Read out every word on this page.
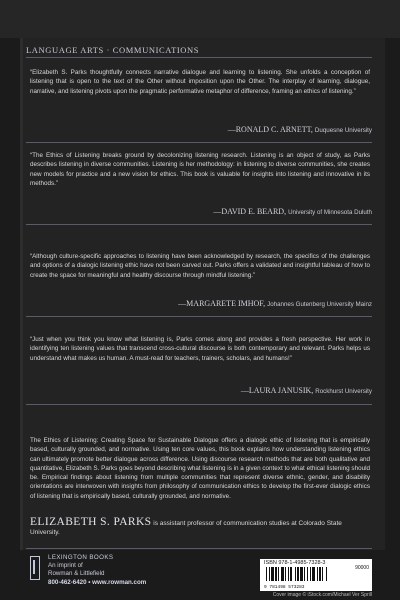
LANGUAGE ARTS · COMMUNICATIONS
“Elizabeth S. Parks thoughtfully connects narrative dialogue and learning to listening. She unfolds a conception of listening that is open to the text of the Other without imposition upon the Other. The interplay of learning, dialogue, narrative, and listening pivots upon the pragmatic performative metaphor of difference, framing an ethics of listening.”
—RONALD C. ARNETT, Duquesne University
“The Ethics of Listening breaks ground by decolonizing listening research. Listening is an object of study, as Parks describes listening in diverse communities. Listening is her methodology: in listening to diverse communities, she creates new models for practice and a new vision for ethics. This book is valuable for insights into listening and innovative in its methods.”
—DAVID E. BEARD, University of Minnesota Duluth
“Although culture-specific approaches to listening have been acknowledged by research, the specifics of the challenges and options of a dialogic listening ethic have not been carved out. Parks offers a validated and insightful tableau of how to create the space for meaningful and healthy discourse through mindful listening.”
—MARGARETE IMHOF, Johannes Gutenberg University Mainz
“Just when you think you know what listening is, Parks comes along and provides a fresh perspective. Her work in identifying ten listening values that transcend cross-cultural discourse is both contemporary and relevant. Parks helps us understand what makes us human. A must-read for teachers, trainers, scholars, and humans!”
—LAURA JANUSIK, Rockhurst University
The Ethics of Listening: Creating Space for Sustainable Dialogue offers a dialogic ethic of listening that is empirically based, culturally grounded, and normative. Using ten core values, this book explains how understanding listening ethics can ultimately promote better dialogue across difference. Using discourse research methods that are both qualitative and quantitative, Elizabeth S. Parks goes beyond describing what listening is in a given context to what ethical listening should be. Empirical findings about listening from multiple communities that represent diverse ethnic, gender, and disability orientations are interwoven with insights from philosophy of communication ethics to develop the first-ever dialogic ethics of listening that is empirically based, culturally grounded, and normative.
ELIZABETH S. PARKS is assistant professor of communication studies at Colorado State University.
LEXINGTON BOOKS
An imprint of
Rowman & Littlefield
800-462-6420 • www.rowman.com
ISBN 978-1-4985-7328-3
90000
9 781498 573283
Cover image © iStock.com/Michael Ver Sprill
